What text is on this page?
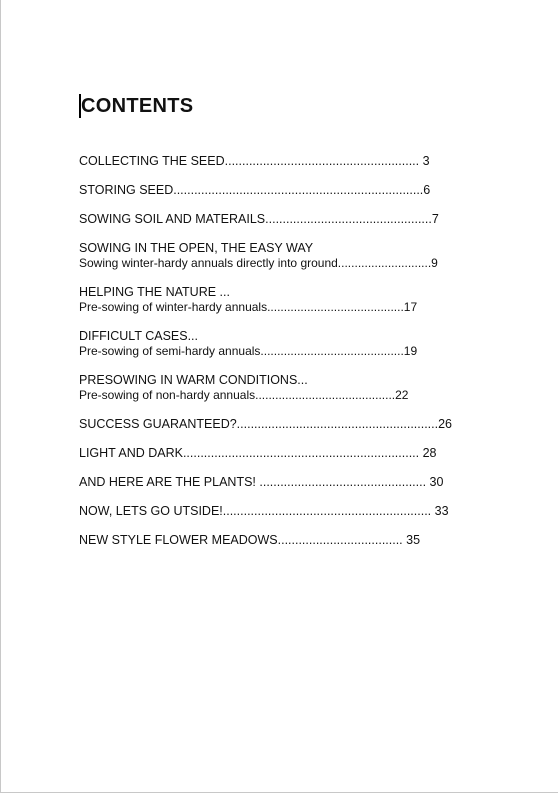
CONTENTS
COLLECTING THE SEED........................................................ 3
STORING SEED........................................................................6
SOWING SOIL AND MATERAILS................................................7
SOWING IN THE OPEN, THE EASY WAY
Sowing winter-hardy annuals directly into ground............................9
HELPING THE NATURE ...
Pre-sowing of winter-hardy annuals.........................................17
DIFFICULT CASES...
Pre-sowing of semi-hardy annuals...........................................19
PRESOWING IN WARM CONDITIONS...
Pre-sowing of non-hardy annuals..........................................22
SUCCESS GUARANTEED?..........................................................26
LIGHT AND DARK.................................................................... 28
AND HERE ARE THE PLANTS! ................................................ 30
NOW, LETS GO UTSIDE!............................................................ 33
NEW STYLE FLOWER MEADOWS.................................... 35
